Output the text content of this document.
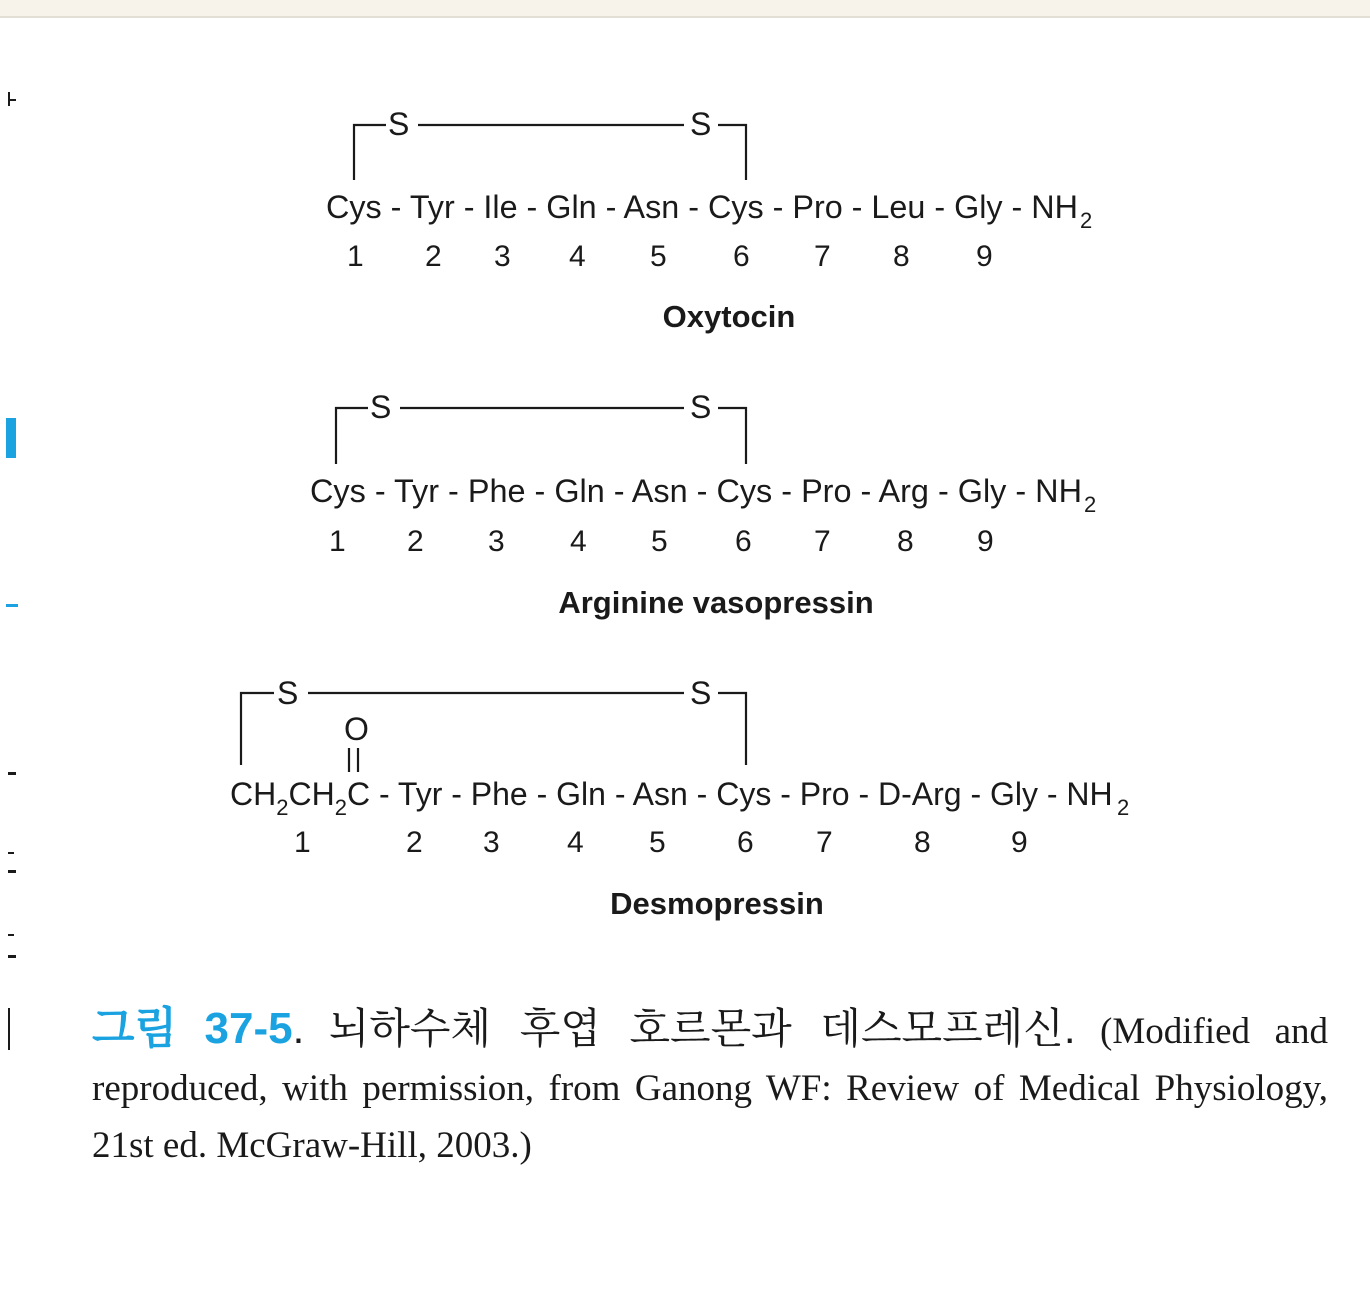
S	S
Cys - Tyr - Ile - Gln - Asn - Cys - Pro - Leu - Gly - NH 2
1 2 3 4 5 6 7 8 9
Oxytocin
S	S
Cys - Tyr - Phe - Gln - Asn - Cys - Pro - Arg - Gly - NH 2
1 2 3 4 5 6 7 8 9
Arginine vasopressin
S	S
O
$CH_2CH_2C$ - Tyr - Phe - Gln - Asn - Cys - Pro - D-Arg - Gly - NH 2
1	2 3 4 5 6 7	8	9
Desmopressin
그림 37-5. 뇌하수체 후엽 호르몬과 데스모프레신. (Modified and reproduced, with permission, from Ganong WF: Review of Medical Physiology, 21st ed. McGraw-Hill, 2003.)
